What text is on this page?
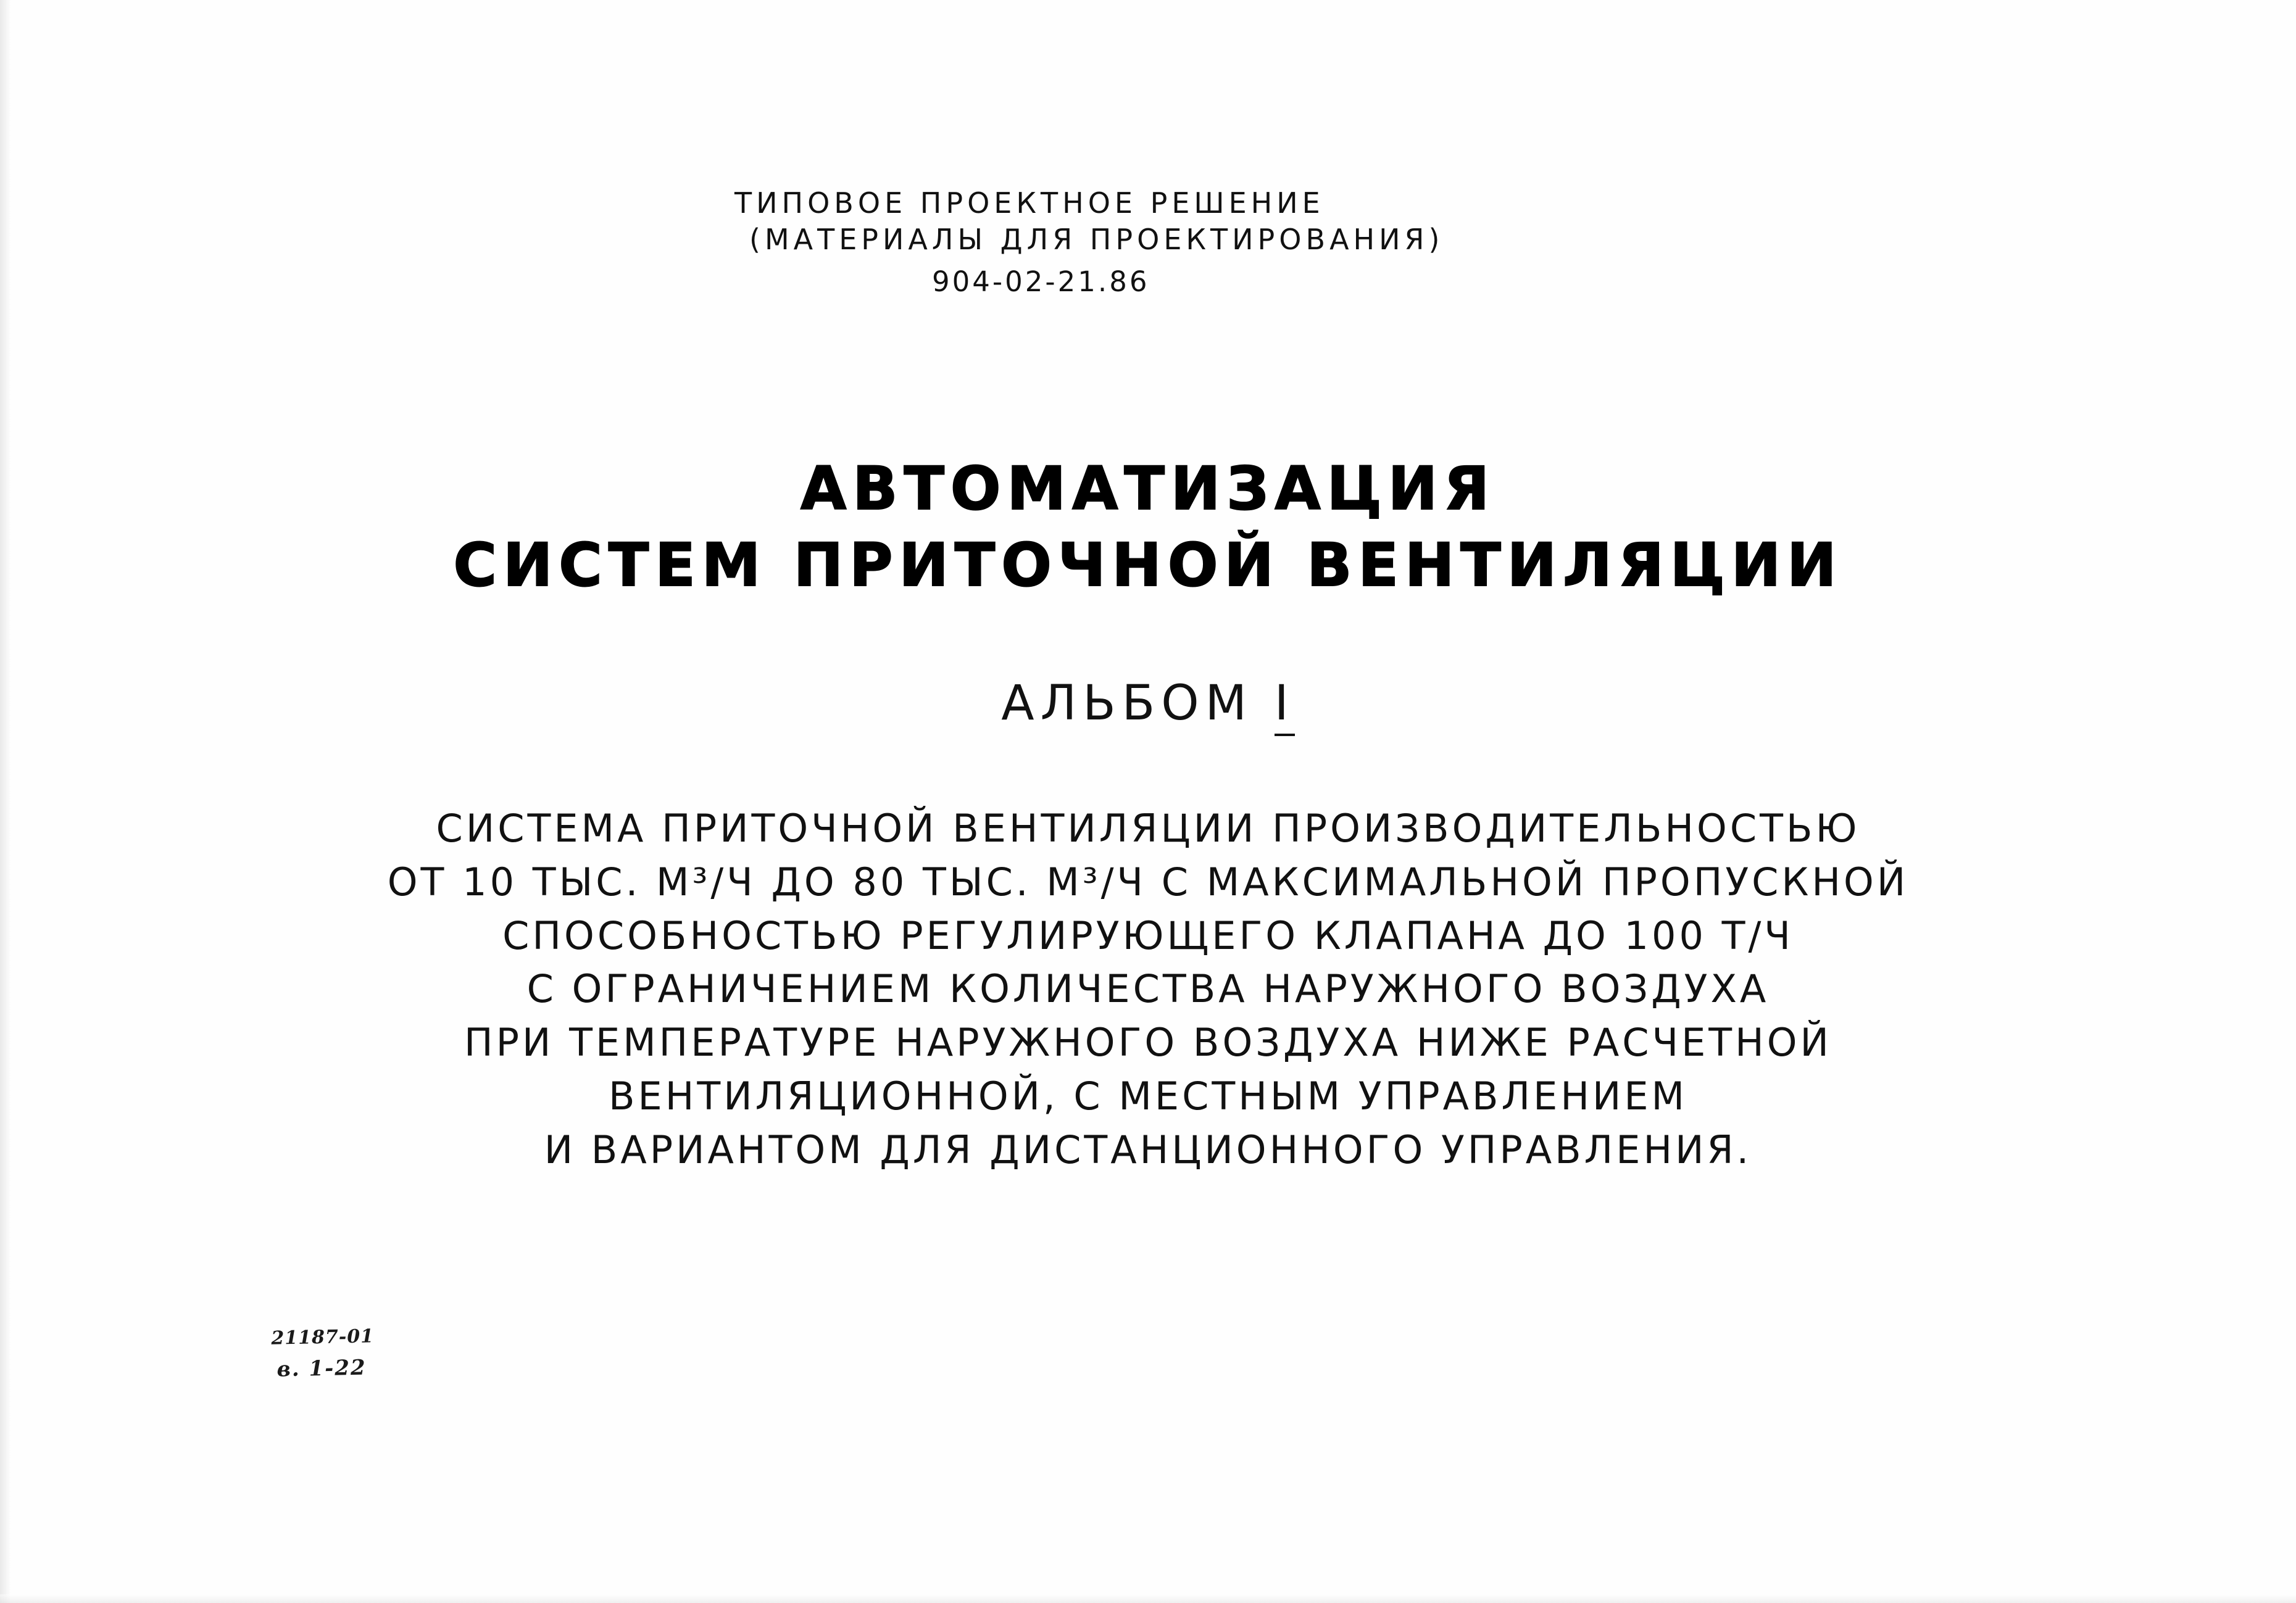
ТИПОВОЕ ПРОЕКТНОЕ РЕШЕНИЕ
(МАТЕРИАЛЫ ДЛЯ ПРОЕКТИРОВАНИЯ)
904-02-21.86
АВТОМАТИЗАЦИЯ
СИСТЕМ ПРИТОЧНОЙ ВЕНТИЛЯЦИИ
АЛЬБОМ I
СИСТЕМА ПРИТОЧНОЙ ВЕНТИЛЯЦИИ ПРОИЗВОДИТЕЛЬНОСТЬЮ
ОТ 10 ТЫС. М³/Ч ДО 80 ТЫС. М³/Ч С МАКСИМАЛЬНОЙ ПРОПУСКНОЙ
СПОСОБНОСТЬЮ РЕГУЛИРУЮЩЕГО КЛАПАНА ДО 100 Т/Ч
С ОГРАНИЧЕНИЕМ КОЛИЧЕСТВА НАРУЖНОГО ВОЗДУХА
ПРИ ТЕМПЕРАТУРЕ НАРУЖНОГО ВОЗДУХА НИЖЕ РАСЧЕТНОЙ
ВЕНТИЛЯЦИОННОЙ, С МЕСТНЫМ УПРАВЛЕНИЕМ
И ВАРИАНТОМ ДЛЯ ДИСТАНЦИОННОГО УПРАВЛЕНИЯ.
21187-01
в. 1-22
